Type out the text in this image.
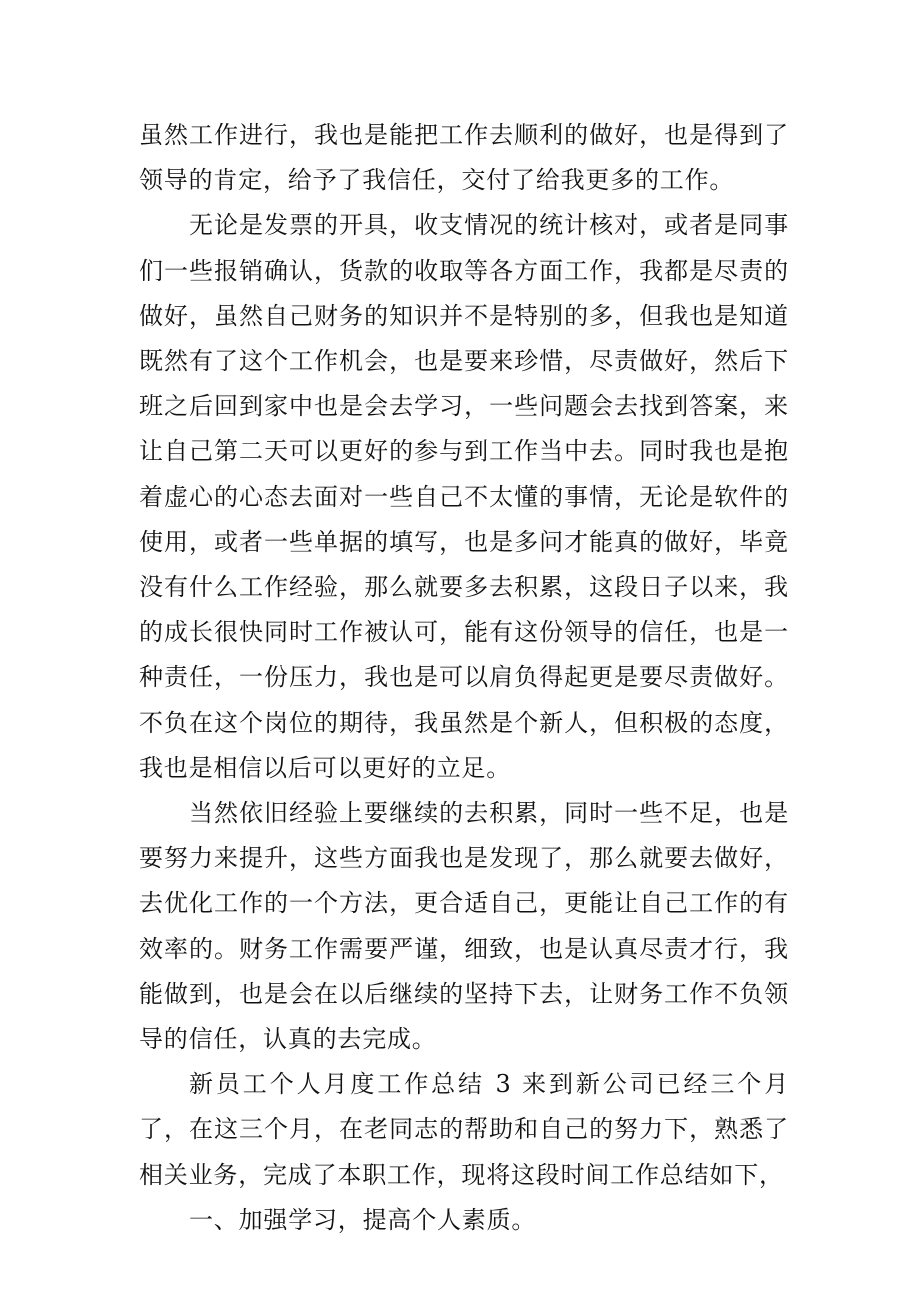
虽然工作进行，我也是能把工作去顺利的做好，也是得到了领导的肯定，给予了我信任，交付了给我更多的工作。

无论是发票的开具，收支情况的统计核对，或者是同事们一些报销确认，货款的收取等各方面工作，我都是尽责的做好，虽然自己财务的知识并不是特别的多，但我也是知道既然有了这个工作机会，也是要来珍惜，尽责做好，然后下班之后回到家中也是会去学习，一些问题会去找到答案，来让自己第二天可以更好的参与到工作当中去。同时我也是抱着虚心的心态去面对一些自己不太懂的事情，无论是软件的使用，或者一些单据的填写，也是多问才能真的做好，毕竟没有什么工作经验，那么就要多去积累，这段日子以来，我的成长很快同时工作被认可，能有这份领导的信任，也是一种责任，一份压力，我也是可以肩负得起更是要尽责做好。不负在这个岗位的期待，我虽然是个新人，但积极的态度，我也是相信以后可以更好的立足。

当然依旧经验上要继续的去积累，同时一些不足，也是要努力来提升，这些方面我也是发现了，那么就要去做好，去优化工作的一个方法，更合适自己，更能让自己工作的有效率的。财务工作需要严谨，细致，也是认真尽责才行，我能做到，也是会在以后继续的坚持下去，让财务工作不负领导的信任，认真的去完成。

新员工个人月度工作总结 3 来到新公司已经三个月了，在这三个月，在老同志的帮助和自己的努力下，熟悉了相关业务，完成了本职工作，现将这段时间工作总结如下，

一、加强学习，提高个人素质。
